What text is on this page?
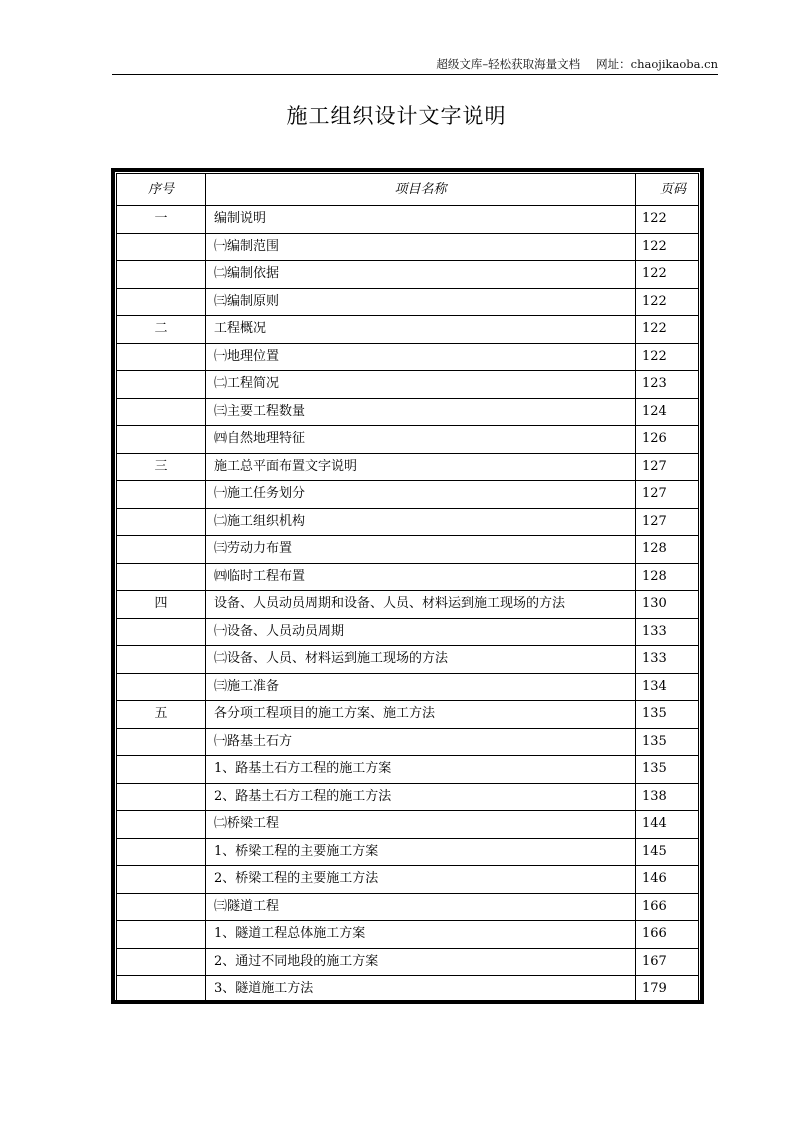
超级文库–轻松获取海量文档 网址：chaojikaoba.cn
施工组织设计文字说明
序号	项目名称	页码
一	编制说明	122
	㈠编制范围	122
	㈡编制依据	122
	㈢编制原则	122
二	工程概况	122
	㈠地理位置	122
	㈡工程简况	123
	㈢主要工程数量	124
	㈣自然地理特征	126
三	施工总平面布置文字说明	127
	㈠施工任务划分	127
	㈡施工组织机构	127
	㈢劳动力布置	128
	㈣临时工程布置	128
四	设备、人员动员周期和设备、人员、材料运到施工现场的方法	130
	㈠设备、人员动员周期	133
	㈡设备、人员、材料运到施工现场的方法	133
	㈢施工准备	134
五	各分项工程项目的施工方案、施工方法	135
	㈠路基土石方	135
	1、路基土石方工程的施工方案	135
	2、路基土石方工程的施工方法	138
	㈡桥梁工程	144
	1、桥梁工程的主要施工方案	145
	2、桥梁工程的主要施工方法	146
	㈢隧道工程	166
	1、隧道工程总体施工方案	166
	2、通过不同地段的施工方案	167
	3、隧道施工方法	179
